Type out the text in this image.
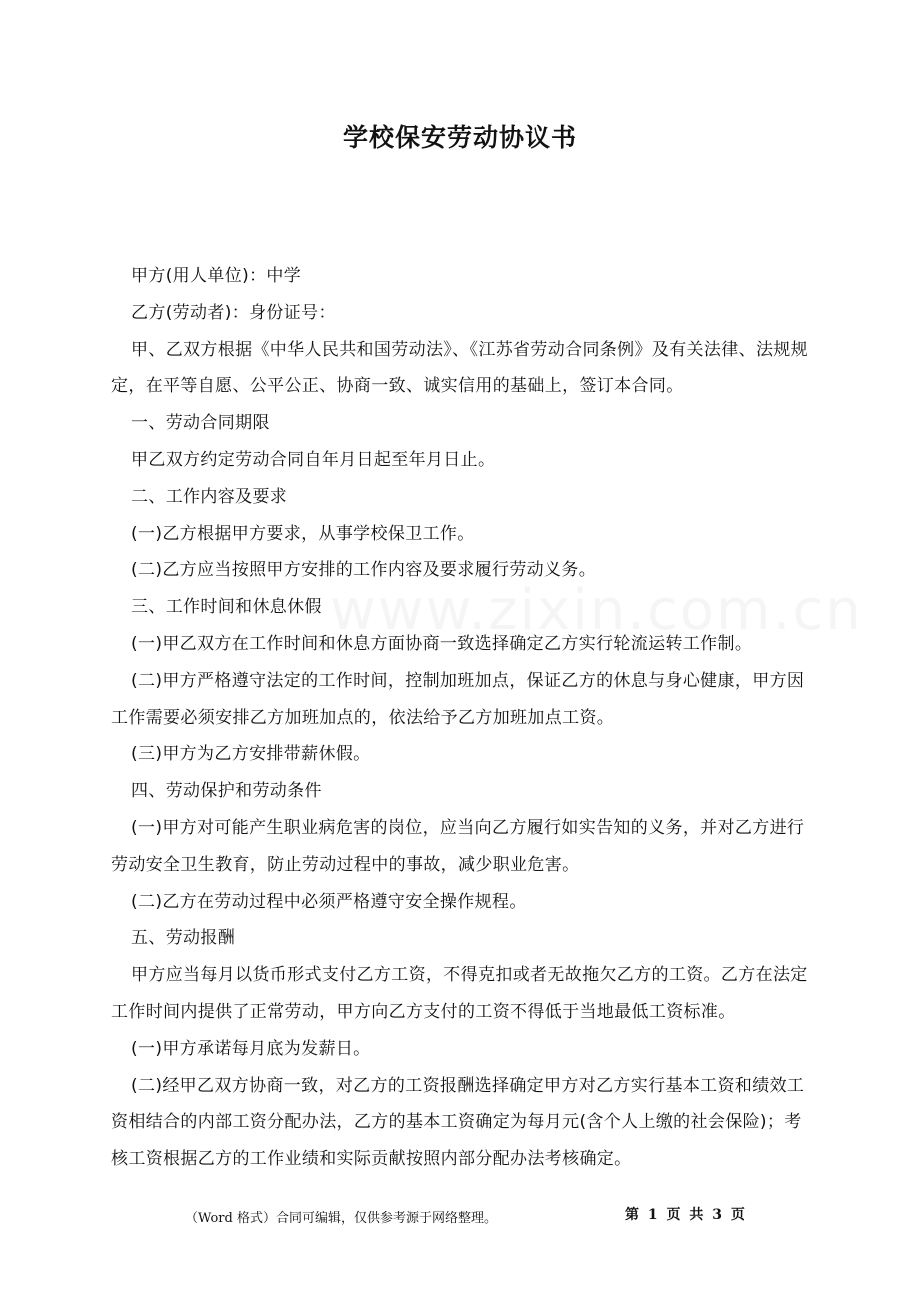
学校保安劳动协议书

甲方(用人单位)：中学

乙方(劳动者)：身份证号：

甲、乙双方根据《中华人民共和国劳动法》、《江苏省劳动合同条例》及有关法律、法规规定，在平等自愿、公平公正、协商一致、诚实信用的基础上，签订本合同。

一、劳动合同期限

甲乙双方约定劳动合同自年月日起至年月日止。

二、工作内容及要求

(一)乙方根据甲方要求，从事学校保卫工作。

(二)乙方应当按照甲方安排的工作内容及要求履行劳动义务。

三、工作时间和休息休假

(一)甲乙双方在工作时间和休息方面协商一致选择确定乙方实行轮流运转工作制。

(二)甲方严格遵守法定的工作时间，控制加班加点，保证乙方的休息与身心健康，甲方因工作需要必须安排乙方加班加点的，依法给予乙方加班加点工资。

(三)甲方为乙方安排带薪休假。

四、劳动保护和劳动条件

(一)甲方对可能产生职业病危害的岗位，应当向乙方履行如实告知的义务，并对乙方进行劳动安全卫生教育，防止劳动过程中的事故，减少职业危害。

(二)乙方在劳动过程中必须严格遵守安全操作规程。

五、劳动报酬

甲方应当每月以货币形式支付乙方工资，不得克扣或者无故拖欠乙方的工资。乙方在法定工作时间内提供了正常劳动，甲方向乙方支付的工资不得低于当地最低工资标准。

(一)甲方承诺每月底为发薪日。

(二)经甲乙双方协商一致，对乙方的工资报酬选择确定甲方对乙方实行基本工资和绩效工资相结合的内部工资分配办法，乙方的基本工资确定为每月元(含个人上缴的社会保险)；考核工资根据乙方的工作业绩和实际贡献按照内部分配办法考核确定。

（Word 格式）合同可编辑，仅供参考源于网络整理。	第 1 页 共 3 页
